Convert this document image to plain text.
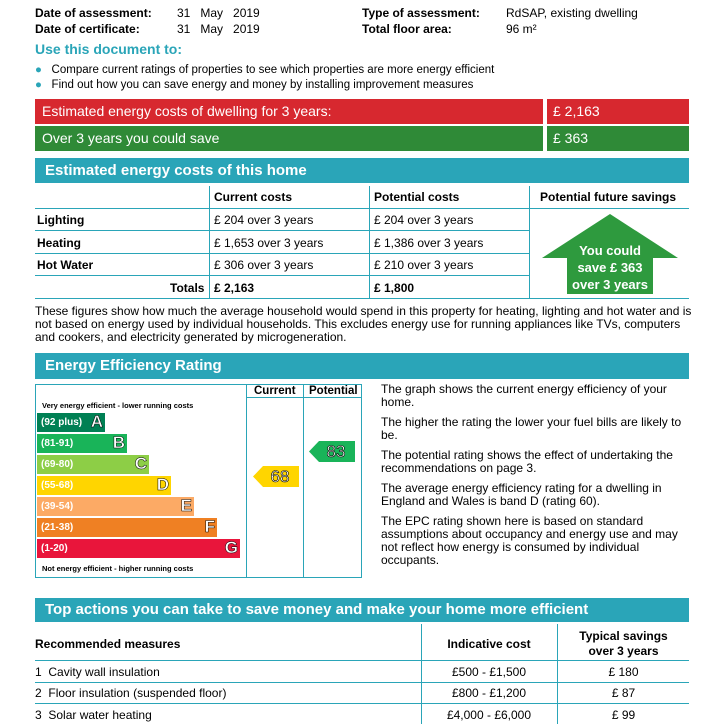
Date of assessment: 31   May   2019
Date of certificate:	31   May   2019
Type of assessment: RdSAP, existing dwelling
Total floor area:	96 m²
Use this document to:
● Compare current ratings of properties to see which properties are more energy efficient
● Find out how you can save energy and money by installing improvement measures
Estimated energy costs of dwelling for 3 years:	£ 2,163
Over 3 years you could save	£ 363
Estimated energy costs of this home
Current costs	Potential costs	Potential future savings
Lighting	£ 204 over 3 years	£ 204 over 3 years
Heating	£ 1,653 over 3 years	£ 1,386 over 3 years
Hot Water	£ 306 over 3 years	£ 210 over 3 years
Totals £ 2,163	£ 1,800
You could
save £ 363
over 3 years
These figures show how much the average household would spend in this property for heating, lighting and hot water and is not based on energy used by individual households. This excludes energy use for running appliances like TVs, computers and cookers, and electricity generated by microgeneration.
Energy Efficiency Rating
Current Potential
Very energy efficient - lower running costs
(92 plus) A
(81-91) B
(69-80)	C
(55-68)	D
(39-54)	E
(21-38)	F
(1-20)	G
Not energy efficient - higher running costs
68
83
The graph shows the current energy efficiency of your home.
The higher the rating the lower your fuel bills are likely to be.
The potential rating shows the effect of undertaking the recommendations on page 3.
The average energy efficiency rating for a dwelling in England and Wales is band D (rating 60).
The EPC rating shown here is based on standard assumptions about occupancy and energy use and may not reflect how energy is consumed by individual occupants.
Top actions you can take to save money and make your home more efficient
Recommended measures	Indicative cost
Typical savings
over 3 years
1 Cavity wall insulation	£500 - £1,500	£ 180
2 Floor insulation (suspended floor)	£800 - £1,200	£ 87
3 Solar water heating	£4,000 - £6,000	£ 99
